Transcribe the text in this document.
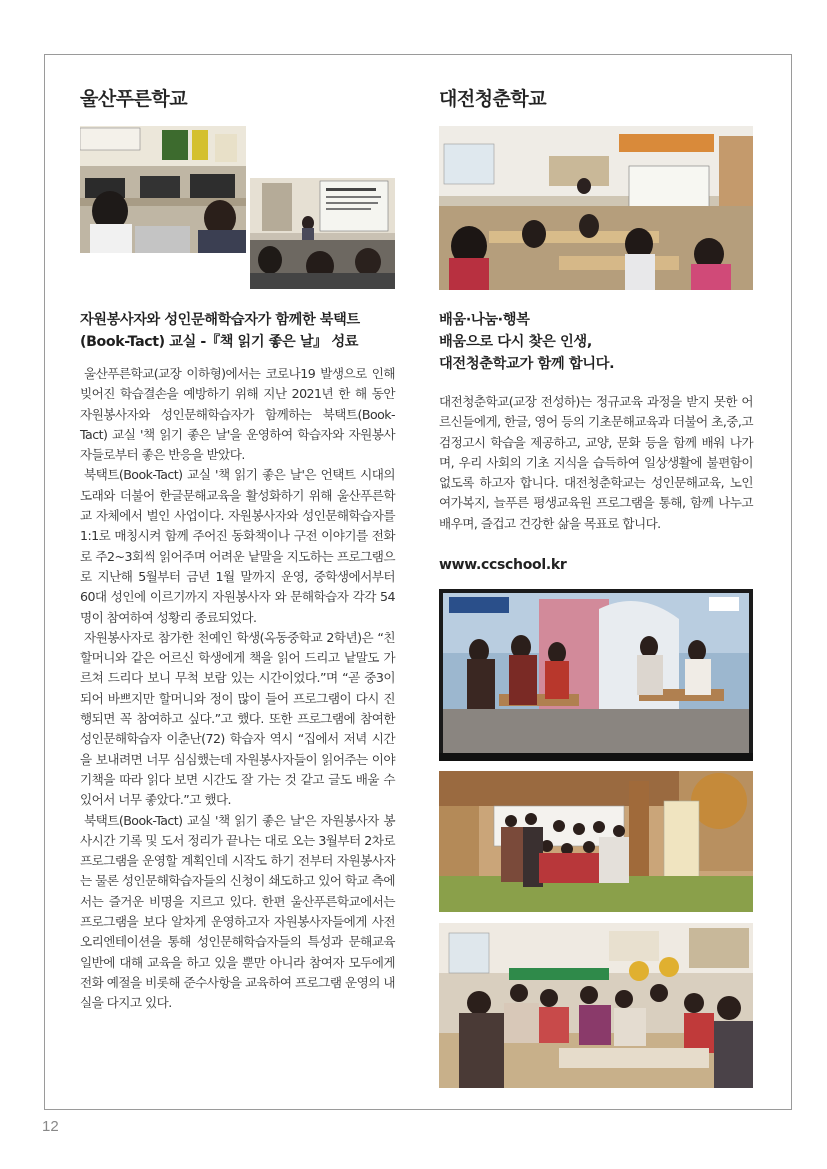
울산푸른학교
자원봉사자와 성인문해학습자가 함께한 북택트
(Book-Tact) 교실 -『책 읽기 좋은 날』 성료

울산푸른학교(교장 이하형)에서는 코로나19 발생으로 인해 빚어진 학습결손을 예방하기 위해 지난 2021년 한 해 동안 자원봉사자와 성인문해학습자가 함께하는 북택트(Book-Tact) 교실 '책 읽기 좋은 날'을 운영하여 학습자와 자원봉사자들로부터 좋은 반응을 받았다.

북택트(Book-Tact) 교실 '책 읽기 좋은 날'은 언택트 시대의 도래와 더불어 한글문해교육을 활성화하기 위해 울산푸른학교 자체에서 벌인 사업이다. 자원봉사자와 성인문해학습자를 1:1로 매칭시켜 함께 주어진 동화책이나 구전 이야기를 전화로 주2~3회씩 읽어주며 어려운 낱말을 지도하는 프로그램으로 지난해 5월부터 금년 1월 말까지 운영, 중학생에서부터 60대 성인에 이르기까지 자원봉사자 와 문해학습자 각각 54명이 참여하여 성황리 종료되었다.

자원봉사자로 참가한 천예인 학생(옥동중학교 2학년)은 “친할머니와 같은 어르신 학생에게 책을 읽어 드리고 낱말도 가르쳐 드리다 보니 무척 보람 있는 시간이었다.”며 “곧 중3이 되어 바쁘지만 할머니와 정이 많이 들어 프로그램이 다시 진행되면 꼭 참여하고 싶다.”고 했다. 또한 프로그램에 참여한 성인문해학습자 이춘난(72) 학습자 역시 “집에서 저녁 시간을 보내려면 너무 심심했는데 자원봉사자들이 읽어주는 이야기책을 따라 읽다 보면 시간도 잘 가는 것 같고 글도 배울 수 있어서 너무 좋았다.”고 했다.

북택트(Book-Tact) 교실 '책 읽기 좋은 날'은 자원봉사자 봉사시간 기록 및 도서 정리가 끝나는 대로 오는 3월부터 2차로 프로그램을 운영할 계획인데 시작도 하기 전부터 자원봉사자는 물론 성인문해학습자들의 신청이 쇄도하고 있어 학교 측에서는 즐거운 비명을 지르고 있다. 한편 울산푸른학교에서는 프로그램을 보다 알차게 운영하고자 자원봉사자들에게 사전 오리엔테이션을 통해 성인문해학습자들의 특성과 문해교육 일반에 대해 교육을 하고 있을 뿐만 아니라 참여자 모두에게 전화 예절을 비롯해 준수사항을 교육하여 프로그램 운영의 내실을 다지고 있다.

대전청춘학교
배움·나눔·행복
배움으로 다시 찾은 인생,
대전청춘학교가 함께 합니다.

대전청춘학교(교장 전성하)는 정규교육 과정을 받지 못한 어르신들에게, 한글, 영어 등의 기초문해교육과 더불어 초,중,고 검정고시 학습을 제공하고, 교양, 문화 등을 함께 배워 나가며, 우리 사회의 기초 지식을 습득하여 일상생활에 불편함이 없도록 하고자 합니다. 대전청춘학교는 성인문해교육, 노인여가복지, 늘푸른 평생교육원 프로그램을 통해, 함께 나누고 배우며, 즐겁고 건강한 삶을 목표로 합니다.

www.ccschool.kr
12
